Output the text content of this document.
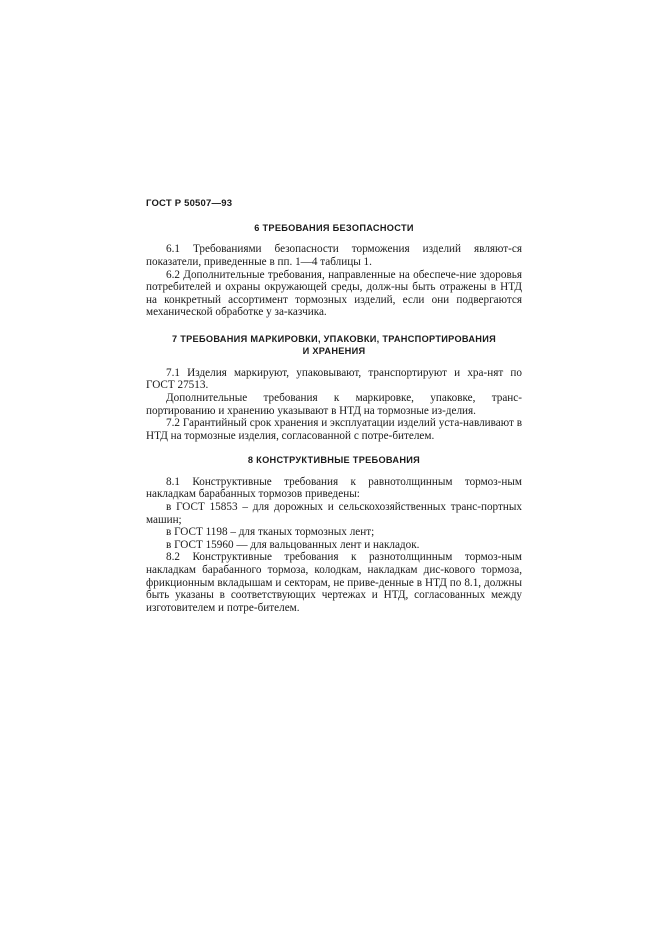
ГОСТ Р 50507—93
6 ТРЕБОВАНИЯ БЕЗОПАСНОСТИ

6.1 Требованиями безопасности торможения изделий являют-ся показатели, приведенные в пп. 1—4 таблицы 1.

6.2 Дополнительные требования, направленные на обеспече-ние здоровья потребителей и охраны окружающей среды, долж-ны быть отражены в НТД на конкретный ассортимент тормозных изделий, если они подвергаются механической обработке у за-казчика.

7 ТРЕБОВАНИЯ МАРКИРОВКИ, УПАКОВКИ, ТРАНСПОРТИРОВАНИЯ
И ХРАНЕНИЯ

7.1 Изделия маркируют, упаковывают, транспортируют и хра-нят по ГОСТ 27513.

Дополнительные требования к маркировке, упаковке, транс-портированию и хранению указывают в НТД на тормозные из-делия.

7.2 Гарантийный срок хранения и эксплуатации изделий уста-навливают в НТД на тормозные изделия, согласованной с потре-бителем.

8 КОНСТРУКТИВНЫЕ ТРЕБОВАНИЯ

8.1 Конструктивные требования к равнотолщинным тормоз-ным накладкам барабанных тормозов приведены:

в ГОСТ 15853 – для дорожных и сельскохозяйственных транс-портных машин;

в ГОСТ 1198 – для тканых тормозных лент;

в ГОСТ 15960 — для вальцованных лент и накладок.

8.2 Конструктивные требования к разнотолщинным тормоз-ным накладкам барабанного тормоза, колодкам, накладкам дис-кового тормоза, фрикционным вкладышам и секторам, не приве-денные в НТД по 8.1, должны быть указаны в соответствующих чертежах и НТД, согласованных между изготовителем и потре-бителем.
